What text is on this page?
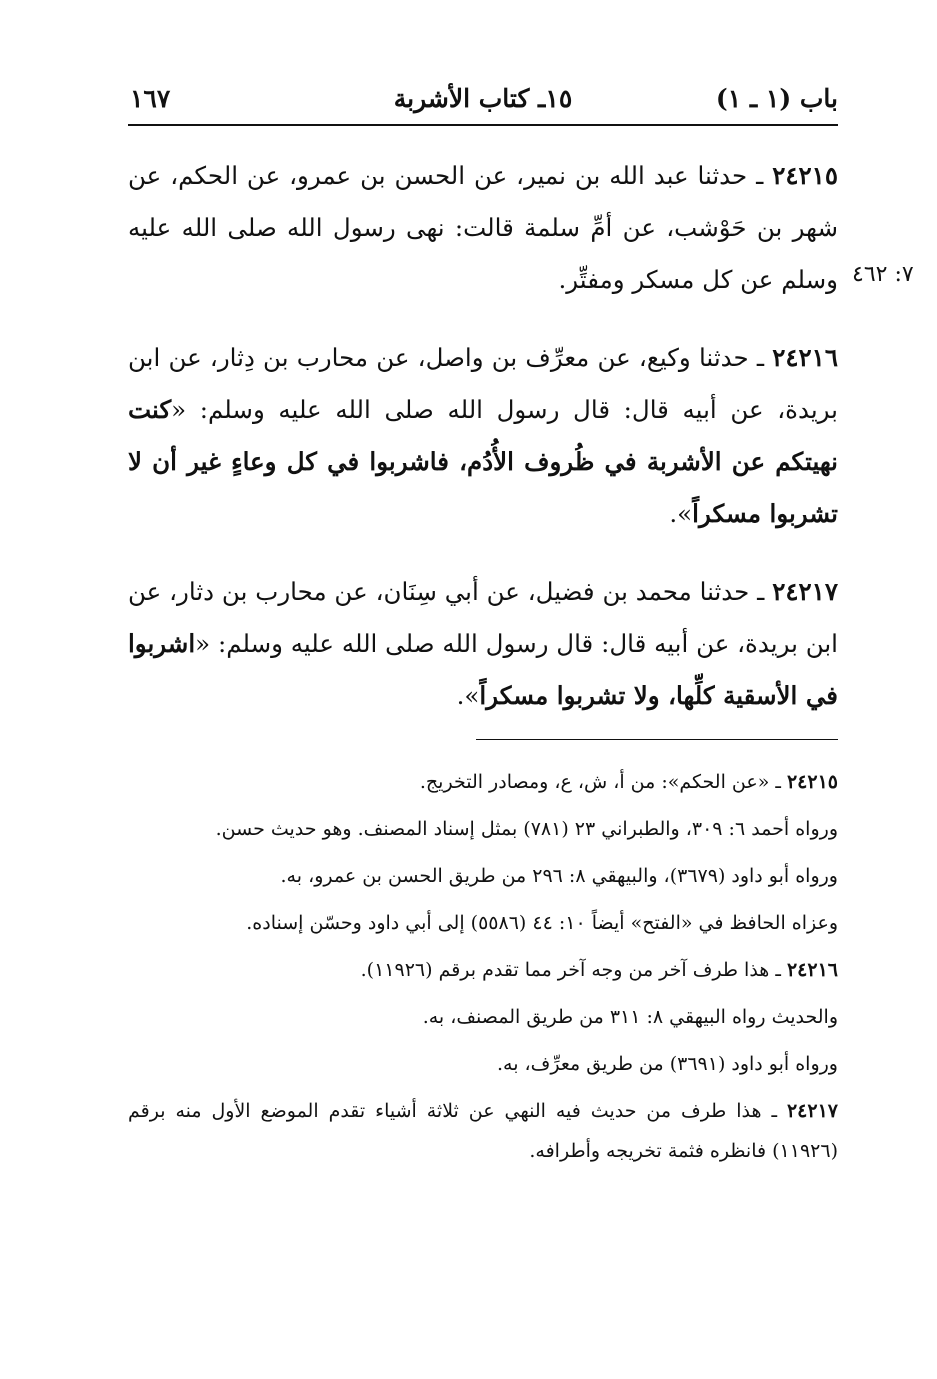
باب (١ ـ ١)
١٥ـ كتاب الأشربة
١٦٧
٧: ٤٦٢

٢٤٢١٥ ـ حدثنا عبد الله بن نمير، عن الحسن بن عمرو، عن الحكم، عن شهر بن حَوْشب، عن أمِّ سلمة قالت: نهى رسول الله صلى الله عليه وسلم عن كل مسكر ومفتِّر.

٢٤٢١٦ ـ حدثنا وكيع، عن معرِّف بن واصل، عن محارب بن دِثار، عن ابن بريدة، عن أبيه قال: قال رسول الله صلى الله عليه وسلم: «كنت نهيتكم عن الأشربة في ظُروف الأُدُم، فاشربوا في كل وعاءٍ غير أن لا تشربوا مسكراً».

٢٤٢١٧ ـ حدثنا محمد بن فضيل، عن أبي سِنَان، عن محارب بن دثار، عن ابن بريدة، عن أبيه قال: قال رسول الله صلى الله عليه وسلم: «اشربوا في الأسقية كلِّها، ولا تشربوا مسكراً».

٢٤٢١٥ ـ «عن الحكم»: من أ، ش، ع، ومصادر التخريج.

ورواه أحمد ٦: ٣٠٩، والطبراني ٢٣ (٧٨١) بمثل إسناد المصنف. وهو حديث حسن.

ورواه أبو داود (٣٦٧٩)، والبيهقي ٨: ٢٩٦ من طريق الحسن بن عمرو، به.

وعزاه الحافظ في «الفتح» أيضاً ١٠: ٤٤ (٥٥٨٦) إلى أبي داود وحسّن إسناده.

٢٤٢١٦ ـ هذا طرف آخر من وجه آخر مما تقدم برقم (١١٩٢٦).

والحديث رواه البيهقي ٨: ٣١١ من طريق المصنف، به.

ورواه أبو داود (٣٦٩١) من طريق معرِّف، به.

٢٤٢١٧ ـ هذا طرف من حديث فيه النهي عن ثلاثة أشياء تقدم الموضع الأول منه برقم (١١٩٢٦) فانظره فثمة تخريجه وأطرافه.
